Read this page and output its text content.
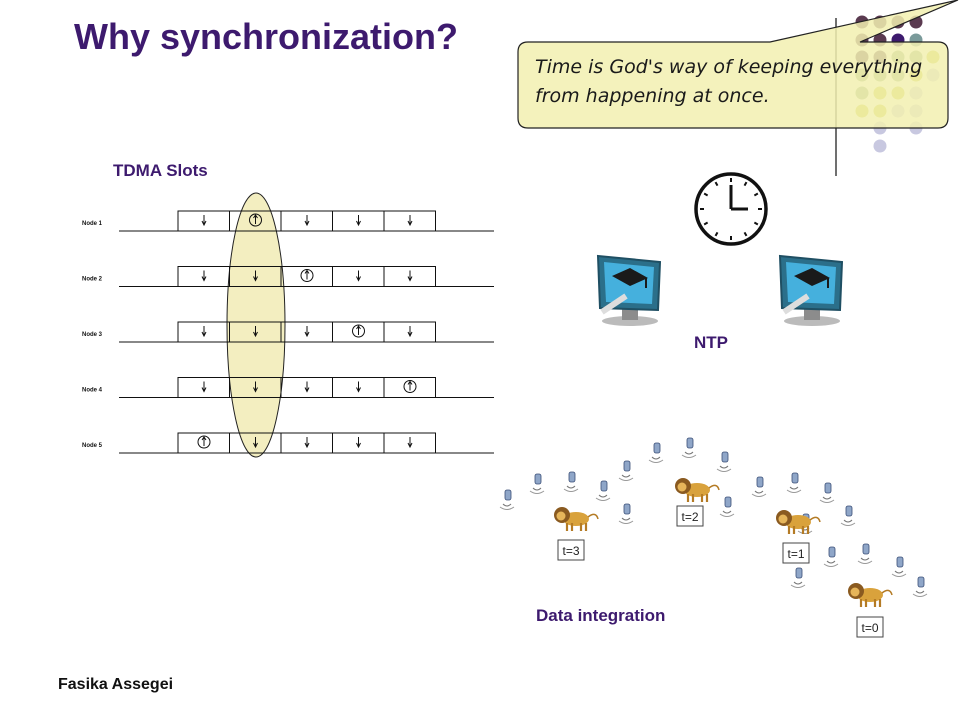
Time is God's way of keeping everything from happening at once.
Why synchronization?
TDMA Slots
Node 1
Node 2
Node 3
Node 4
Node 5
NTP
t=3
t=2
t=1
t=0
Data integration
Fasika Assegei
